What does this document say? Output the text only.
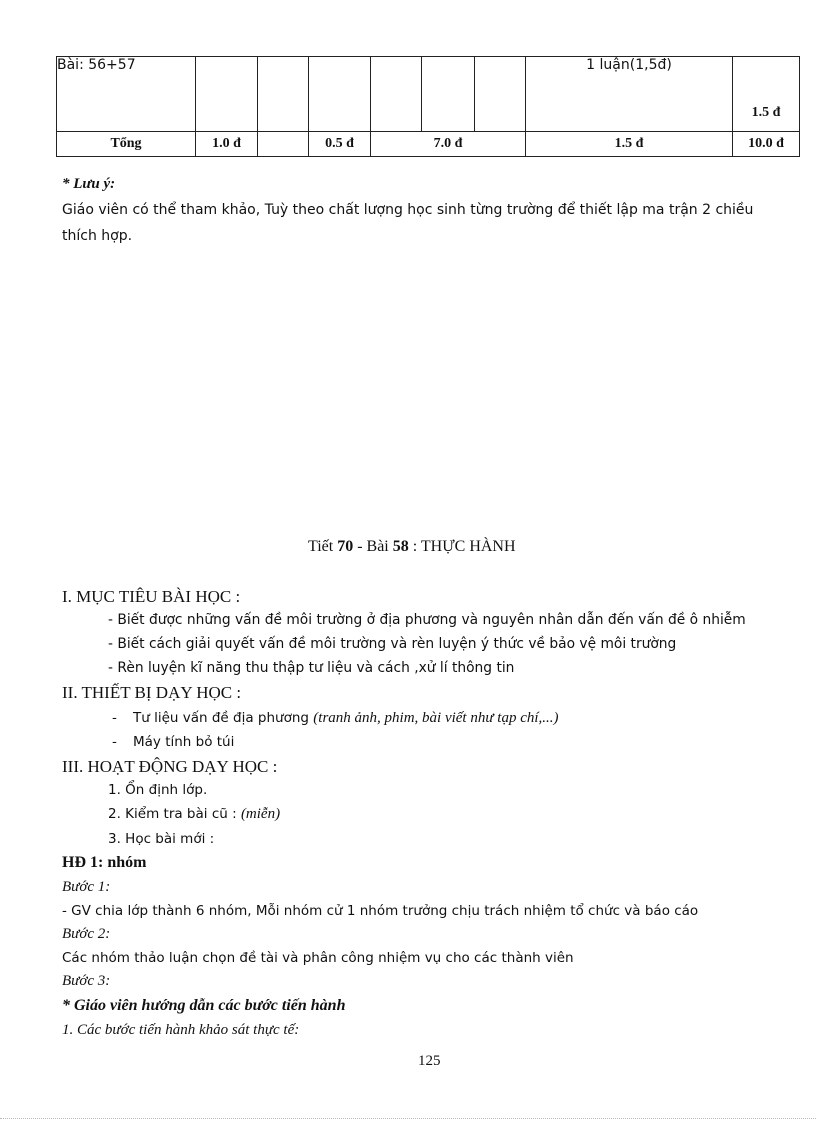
Bài: 56+57							1 luận(1,5đ)	1.5 đ
Tổng	1.0 đ		0.5 đ	7.0 đ			1.5 đ	10.0 đ
* Lưu ý:
Giáo viên có thể tham khảo, Tuỳ theo chất lượng học sinh từng trường để thiết lập ma trận 2 chiều
thích hợp.
Tiết 70 - Bài 58 : THỰC HÀNH
I. MỤC TIÊU BÀI HỌC :
- Biết được những vấn đề môi trường ở địa phương và nguyên nhân dẫn đến vấn đề ô nhiễm
- Biết cách giải quyết vấn đề môi trường và rèn luyện ý thức về bảo vệ môi trường
- Rèn luyện kĩ năng thu thập tư liệu và cách ,xử lí thông tin
II. THIẾT BỊ DẠY HỌC :
- Tư liệu vấn đề địa phương (tranh ảnh, phim, bài viết như tạp chí,...)
- Máy tính bỏ túi
III. HOẠT ĐỘNG DẠY HỌC :
1. Ổn định lớp.
2. Kiểm tra bài cũ : (miễn)
3. Học bài mới :
HĐ 1: nhóm
Bước 1:
- GV chia lớp thành 6 nhóm, Mỗi nhóm cử 1 nhóm trưởng chịu trách nhiệm tổ chức và báo cáo
Bước 2:
Các nhóm thảo luận chọn đề tài và phân công nhiệm vụ cho các thành viên
Bước 3:
* Giáo viên hướng dẫn các bước tiến hành
1. Các bước tiến hành khảo sát thực tế:
125
